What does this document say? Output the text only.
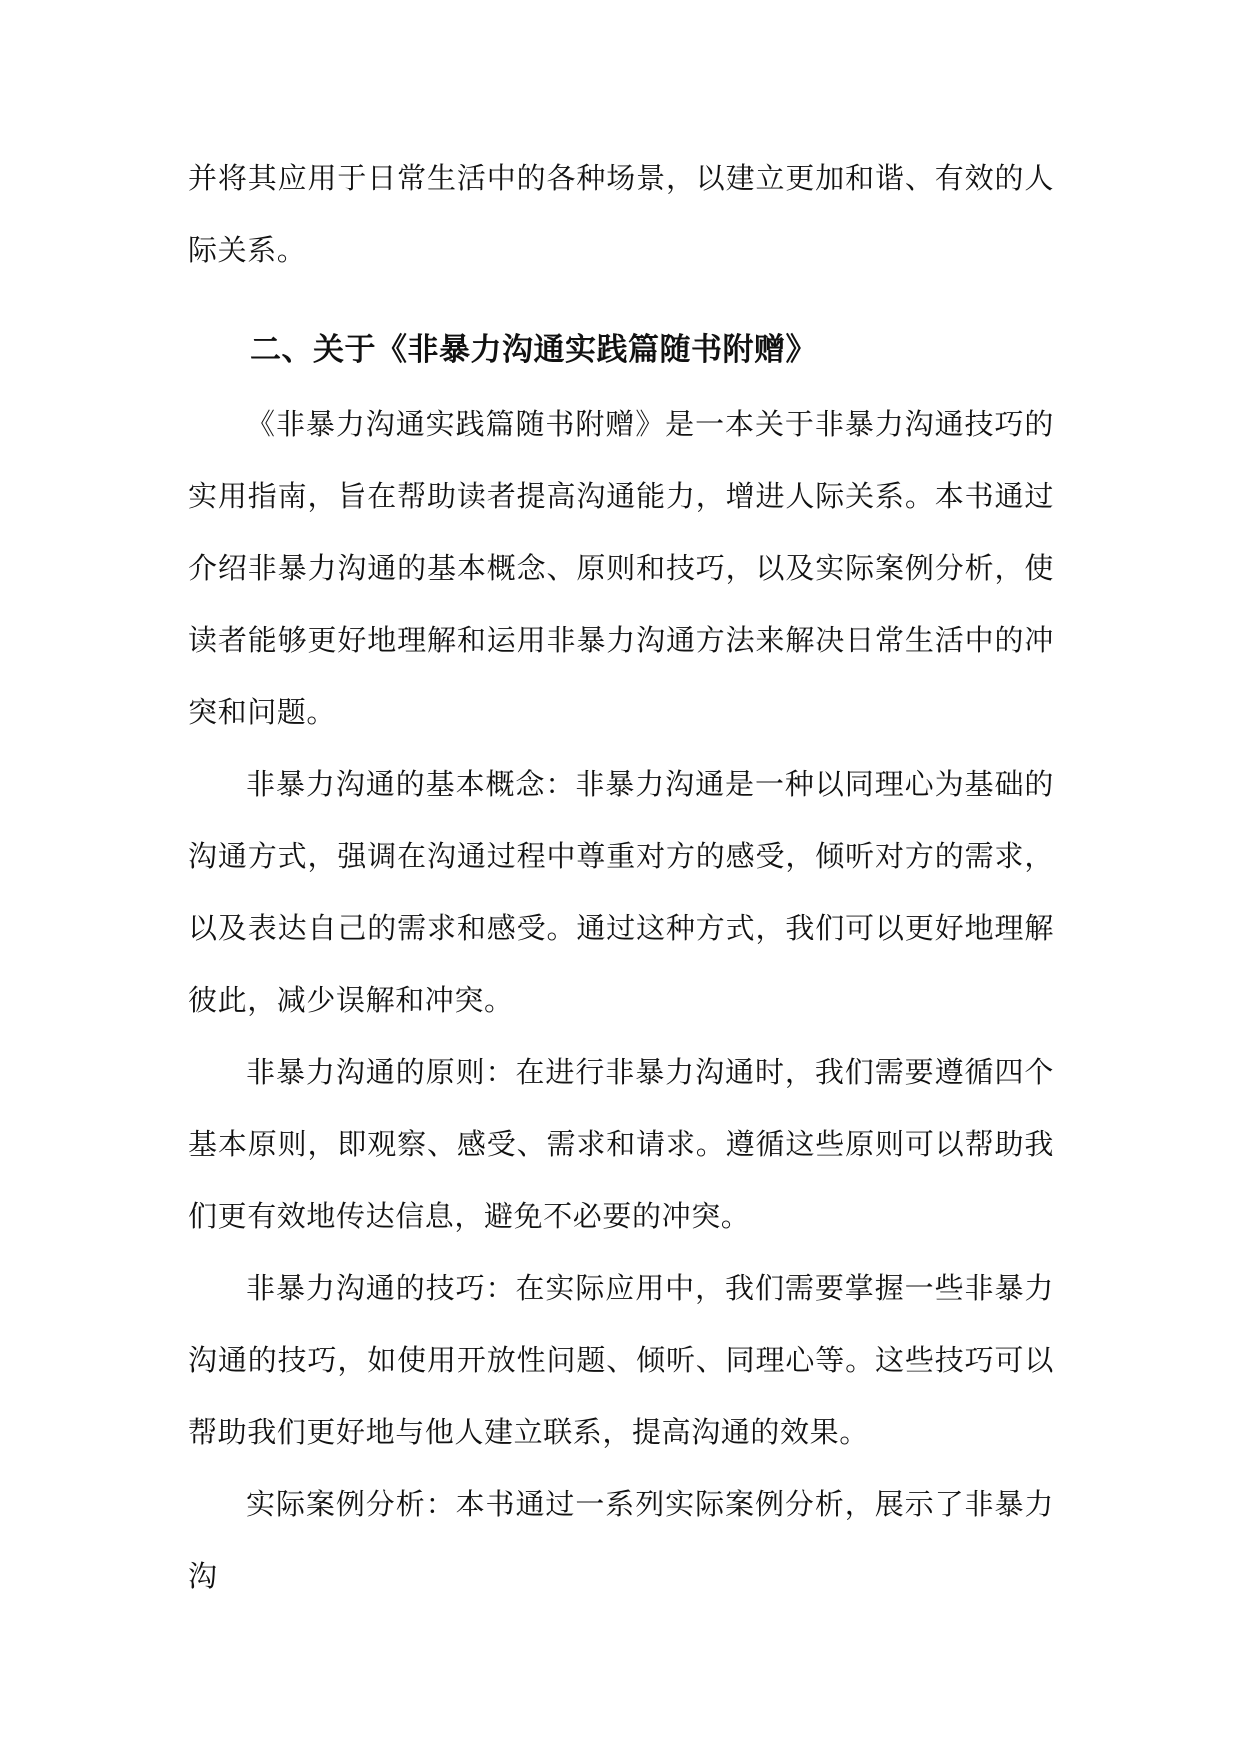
并将其应用于日常生活中的各种场景，以建立更加和谐、有效的人际关系。

二、关于《非暴力沟通实践篇随书附赠》

《非暴力沟通实践篇随书附赠》是一本关于非暴力沟通技巧的实用指南，旨在帮助读者提高沟通能力，增进人际关系。本书通过介绍非暴力沟通的基本概念、原则和技巧，以及实际案例分析，使读者能够更好地理解和运用非暴力沟通方法来解决日常生活中的冲突和问题。

非暴力沟通的基本概念：非暴力沟通是一种以同理心为基础的沟通方式，强调在沟通过程中尊重对方的感受，倾听对方的需求，以及表达自己的需求和感受。通过这种方式，我们可以更好地理解彼此，减少误解和冲突。

非暴力沟通的原则：在进行非暴力沟通时，我们需要遵循四个基本原则，即观察、感受、需求和请求。遵循这些原则可以帮助我们更有效地传达信息，避免不必要的冲突。

非暴力沟通的技巧：在实际应用中，我们需要掌握一些非暴力沟通的技巧，如使用开放性问题、倾听、同理心等。这些技巧可以帮助我们更好地与他人建立联系，提高沟通的效果。

实际案例分析：本书通过一系列实际案例分析，展示了非暴力沟
